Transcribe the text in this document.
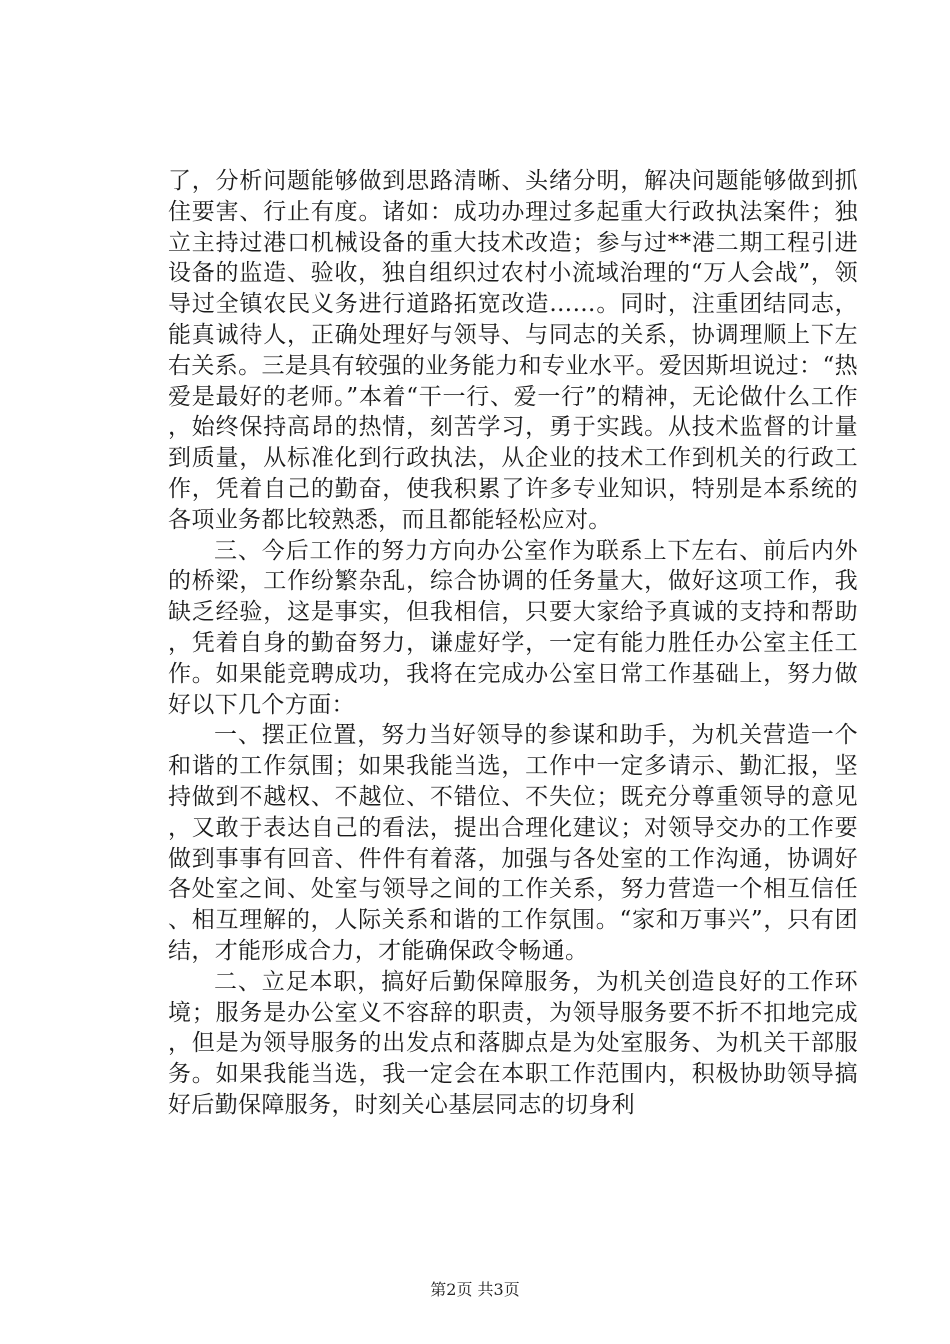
了，分析问题能够做到思路清晰、头绪分明，解决问题能够做到抓住要害、行止有度。诸如：成功办理过多起重大行政执法案件；独立主持过港口机械设备的重大技术改造；参与过**港二期工程引进设备的监造、验收，独自组织过农村小流域治理的“万人会战”，领导过全镇农民义务进行道路拓宽改造……。同时，注重团结同志，能真诚待人，正确处理好与领导、与同志的关系，协调理顺上下左右关系。三是具有较强的业务能力和专业水平。爱因斯坦说过：“热爱是最好的老师。”本着“干一行、爱一行”的精神，无论做什么工作，始终保持高昂的热情，刻苦学习，勇于实践。从技术监督的计量到质量，从标准化到行政执法，从企业的技术工作到机关的行政工作，凭着自己的勤奋，使我积累了许多专业知识，特别是本系统的各项业务都比较熟悉，而且都能轻松应对。

三、今后工作的努力方向办公室作为联系上下左右、前后内外的桥梁，工作纷繁杂乱，综合协调的任务量大，做好这项工作，我缺乏经验，这是事实，但我相信，只要大家给予真诚的支持和帮助，凭着自身的勤奋努力，谦虚好学，一定有能力胜任办公室主任工作。如果能竞聘成功，我将在完成办公室日常工作基础上，努力做好以下几个方面：

一、摆正位置，努力当好领导的参谋和助手，为机关营造一个和谐的工作氛围；如果我能当选，工作中一定多请示、勤汇报，坚持做到不越权、不越位、不错位、不失位；既充分尊重领导的意见，又敢于表达自己的看法，提出合理化建议；对领导交办的工作要做到事事有回音、件件有着落，加强与各处室的工作沟通，协调好各处室之间、处室与领导之间的工作关系，努力营造一个相互信任、相互理解的，人际关系和谐的工作氛围。“家和万事兴”，只有团结，才能形成合力，才能确保政令畅通。

二、立足本职，搞好后勤保障服务，为机关创造良好的工作环境；服务是办公室义不容辞的职责，为领导服务要不折不扣地完成，但是为领导服务的出发点和落脚点是为处室服务、为机关干部服务。如果我能当选，我一定会在本职工作范围内，积极协助领导搞好后勤保障服务，时刻关心基层同志的切身利

第2页 共3页
